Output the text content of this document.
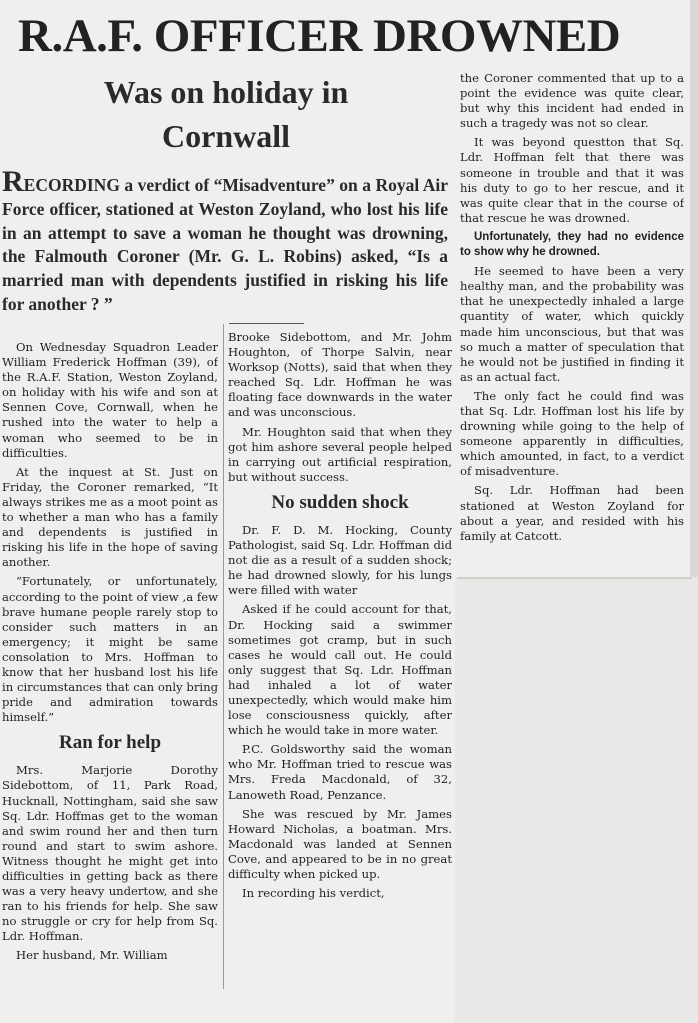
R.A.F. OFFICER DROWNED
Was on holiday in
Cornwall
RECORDING a verdict of “Misadventure” on a Royal Air Force officer, stationed at Weston Zoyland, who lost his life in an attempt to save a woman he thought was drowning, the Falmouth Coroner (Mr. G. L. Robins) asked, “Is a married man with dependents justified in risking his life for another ? ”

On Wednesday Squadron Leader William Frederick Hoffman (39), of the R.A.F. Station, Weston Zoyland, on holiday with his wife and son at Sennen Cove, Cornwall, when he rushed into the water to help a woman who seemed to be in difficulties.

At the inquest at St. Just on Friday, the Coroner remarked, “It always strikes me as a moot point as to whether a man who has a family and dependents is justified in risking his life in the hope of saving another.

“Fortunately, or unfortunately, according to the point of view ,a few brave humane people rarely stop to consider such matters in an emergency; it might be same consolation to Mrs. Hoffman to know that her husband lost his life in circumstances that can only bring pride and admiration towards himself.”

Ran for help

Mrs. Marjorie Dorothy Sidebottom, of 11, Park Road, Hucknall, Nottingham, said she saw Sq. Ldr. Hoffmas get to the woman and swim round her and then turn round and start to swim ashore. Witness thought he might get into difficulties in getting back as there was a very heavy undertow, and she ran to his friends for help. She saw no struggle or cry for help from Sq. Ldr. Hoffman.

Her husband, Mr. William

Brooke Sidebottom, and Mr. Johm Houghton, of Thorpe Salvin, near Worksop (Notts), said that when they reached Sq. Ldr. Hoffman he was floating face downwards in the water and was unconscious.

Mr. Houghton said that when they got him ashore several people helped in carrying out artificial respiration, but without success.

No sudden shock

Dr. F. D. M. Hocking, County Pathologist, said Sq. Ldr. Hoffman did not die as a result of a sudden shock; he had drowned slowly, for his lungs were filled with water

Asked if he could account for that, Dr. Hocking said a swimmer sometimes got cramp, but in such cases he would call out. He could only suggest that Sq. Ldr. Hoffman had inhaled a lot of water unexpectedly, which would make him lose consciousness quickly, after which he would take in more water.

P.C. Goldsworthy said the woman who Mr. Hoffman tried to rescue was Mrs. Freda Macdonald, of 32, Lanoweth Road, Penzance.

She was rescued by Mr. James Howard Nicholas, a boatman. Mrs. Macdonald was landed at Sennen Cove, and appeared to be in no great difficulty when picked up.

In recording his verdict,

the Coroner commented that up to a point the evidence was quite clear, but why this incident had ended in such a tragedy was not so clear.

It was beyond questton that Sq. Ldr. Hoffman felt that there was someone in trouble and that it was his duty to go to her rescue, and it was quite clear that in the course of that rescue he was drowned.

Unfortunately, they had no evidence to show why he drowned.

He seemed to have been a very healthy man, and the probability was that he unexpectedly inhaled a large quantity of water, which quickly made him unconscious, but that was so much a matter of speculation that he would not be justified in finding it as an actual fact.

The only fact he could find was that Sq. Ldr. Hoffman lost his life by drowning while going to the help of someone apparently in difficulties, which amounted, in fact, to a verdict of misadventure.

Sq. Ldr. Hoffman had been stationed at Weston Zoyland for about a year, and resided with his family at Catcott.
